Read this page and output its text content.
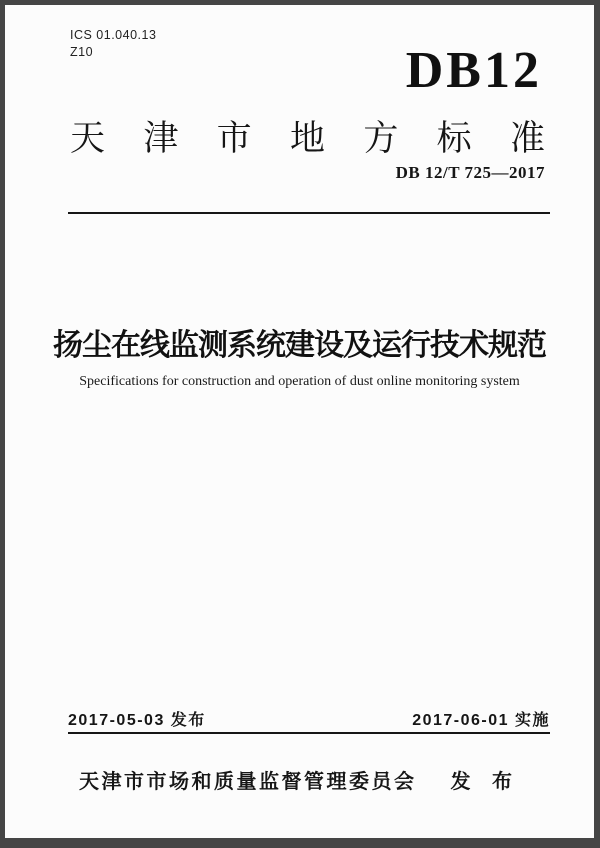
ICS 01.040.13
Z10	DB12
天 津 市 地 方 标 准
DB 12/T 725—2017
扬尘在线监测系统建设及运行技术规范
Specifications for construction and operation of dust online monitoring system
2017-05-03 发布	2017-06-01 实施
天津市市场和质量监督管理委员会 发 布
